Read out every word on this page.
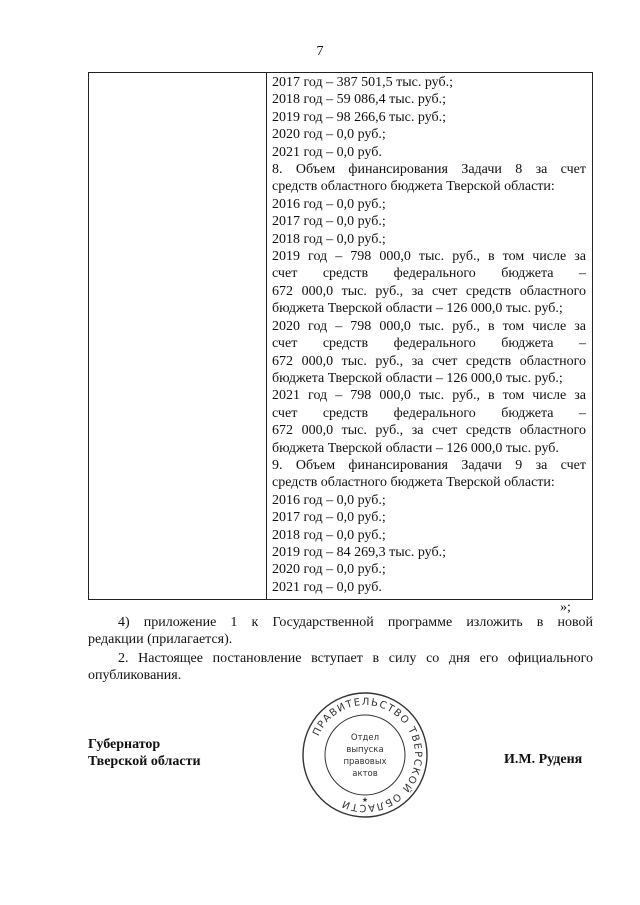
7
2017 год – 387 501,5 тыс. руб.;
2018 год – 59 086,4 тыс. руб.;
2019 год – 98 266,6 тыс. руб.;
2020 год – 0,0 руб.;
2021 год – 0,0 руб.
8. Объем финансирования Задачи 8 за счет
средств областного бюджета Тверской области:
2016 год – 0,0 руб.;
2017 год – 0,0 руб.;
2018 год – 0,0 руб.;
2019 год – 798 000,0 тыс. руб., в том числе за
счет средств федерального бюджета –
672 000,0 тыс. руб., за счет средств областного
бюджета Тверской области – 126 000,0 тыс. руб.;
2020 год – 798 000,0 тыс. руб., в том числе за
счет средств федерального бюджета –
672 000,0 тыс. руб., за счет средств областного
бюджета Тверской области – 126 000,0 тыс. руб.;
2021 год – 798 000,0 тыс. руб., в том числе за
счет средств федерального бюджета –
672 000,0 тыс. руб., за счет средств областного
бюджета Тверской области – 126 000,0 тыс. руб.
9. Объем финансирования Задачи 9 за счет
средств областного бюджета Тверской области:
2016 год – 0,0 руб.;
2017 год – 0,0 руб.;
2018 год – 0,0 руб.;
2019 год – 84 269,3 тыс. руб.;
2020 год – 0,0 руб.;
2021 год – 0,0 руб.
»;
4) приложение 1 к Государственной программе изложить в новой
редакции (прилагается).
2. Настоящее постановление вступает в силу со дня его официального
опубликования.
Губернатор
Тверской области	И.М. Руденя
ПРАВИТЕЛЬСТВО ТВЕРСКОЙ ОБЛАСТИ
Отдел
выпуска
правовых
актов
★
